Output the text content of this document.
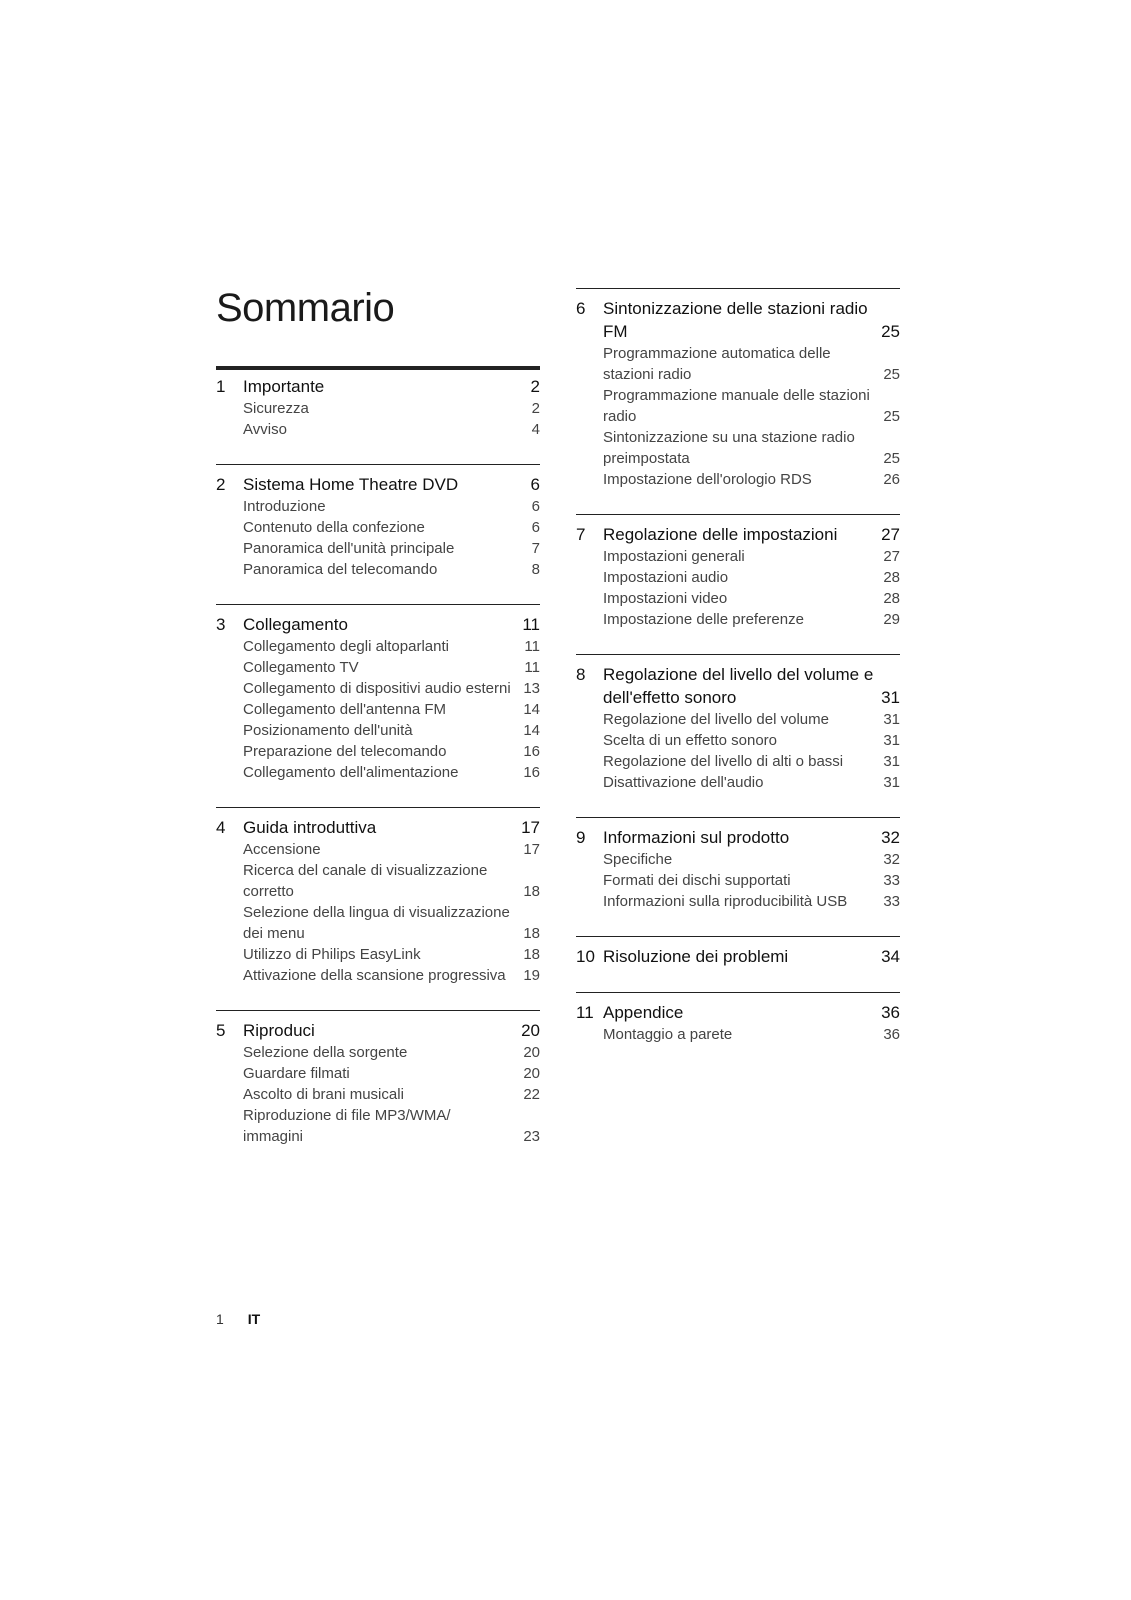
Sommario
1	Importante	2
Sicurezza	2
Avviso	4
2	Sistema Home Theatre DVD	6
Introduzione	6
Contenuto della confezione	6
Panoramica dell'unità principale	7
Panoramica del telecomando	8
3	Collegamento	11
Collegamento degli altoparlanti	11
Collegamento TV	11
Collegamento di dispositivi audio esterni 13
Collegamento dell'antenna FM	14
Posizionamento dell'unità	14
Preparazione del telecomando	16
Collegamento dell'alimentazione	16
4	Guida introduttiva	17
Accensione	17
Ricerca del canale di visualizzazione corretto	18
Selezione della lingua di visualizzazione dei menu	18
Utilizzo di Philips EasyLink	18
Attivazione della scansione progressiva	19
5	Riproduci	20
Selezione della sorgente	20
Guardare filmati	20
Ascolto di brani musicali	22
Riproduzione di file MP3/WMA/ immagini	23
6	Sintonizzazione delle stazioni radio FM	25
Programmazione automatica delle stazioni radio	25
Programmazione manuale delle stazioni radio	25
Sintonizzazione su una stazione radio preimpostata	25
Impostazione dell'orologio RDS	26
7	Regolazione delle impostazioni	27
Impostazioni generali	27
Impostazioni audio	28
Impostazioni video	28
Impostazione delle preferenze	29
8	Regolazione del livello del volume e dell'effetto sonoro	31
Regolazione del livello del volume	31
Scelta di un effetto sonoro	31
Regolazione del livello di alti o bassi	31
Disattivazione dell'audio	31
9	Informazioni sul prodotto	32
Specifiche	32
Formati dei dischi supportati	33
Informazioni sulla riproducibilità USB	33
10 Risoluzione dei problemi	34
11 Appendice	36
Montaggio a parete	36
1 IT
